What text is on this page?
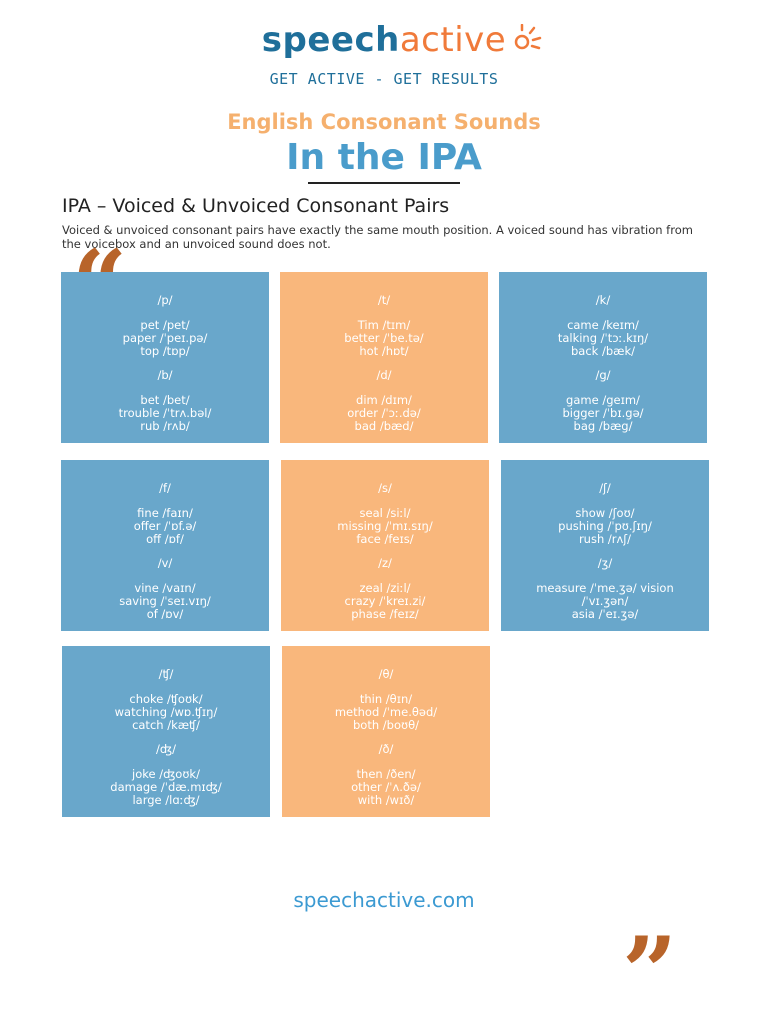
speechactive
GET ACTIVE - GET RESULTS
English Consonant Sounds
In the IPA
IPA – Voiced & Unvoiced Consonant Pairs
Voiced & unvoiced consonant pairs have exactly the same mouth position. A voiced sound has vibration from the voicebox and an unvoiced sound does not.
/p/
pet /pet/
paper /ˈpeɪ.pə/
top /tɒp/
/b/
bet /bet/
trouble /ˈtrʌ.bəl/
rub /rʌb/
/t/
Tim /tɪm/
better /ˈbe.tə/
hot /hɒt/
/d/
dim /dɪm/
order /ˈɔː.də/
bad /bæd/
/k/
came /keɪm/
talking /ˈtɔː.kɪŋ/
back /bæk/
/g/
game /geɪm/
bigger /ˈbɪ.gə/
bag /bæg/
/f/
fine /faɪn/
offer /ˈɒf.ə/
off /ɒf/
/v/
vine /vaɪn/
saving /ˈseɪ.vɪŋ/
of /ɒv/
/s/
seal /siːl/
missing /ˈmɪ.sɪŋ/
face /feɪs/
/z/
zeal /ziːl/
crazy /ˈkreɪ.zi/
phase /feɪz/
/ʃ/
show /ʃoʊ/
pushing /ˈpʊ.ʃɪŋ/
rush /rʌʃ/
/ʒ/
measure /ˈme.ʒə/ vision
/ˈvɪ.ʒən/
asia /ˈeɪ.ʒə/
/ʧ/
choke /ʧoʊk/
watching /wɒ.ʧɪŋ/
catch /kæʧ/
/ʤ/
joke /ʤoʊk/
damage /ˈdæ.mɪʤ/
large /lɑːʤ/
/θ/
thin /θɪn/
method /ˈme.θəd/
both /boʊθ/
/ð/
then /ðen/
other /ˈʌ.ðə/
with /wɪð/
”
speechactive.com
